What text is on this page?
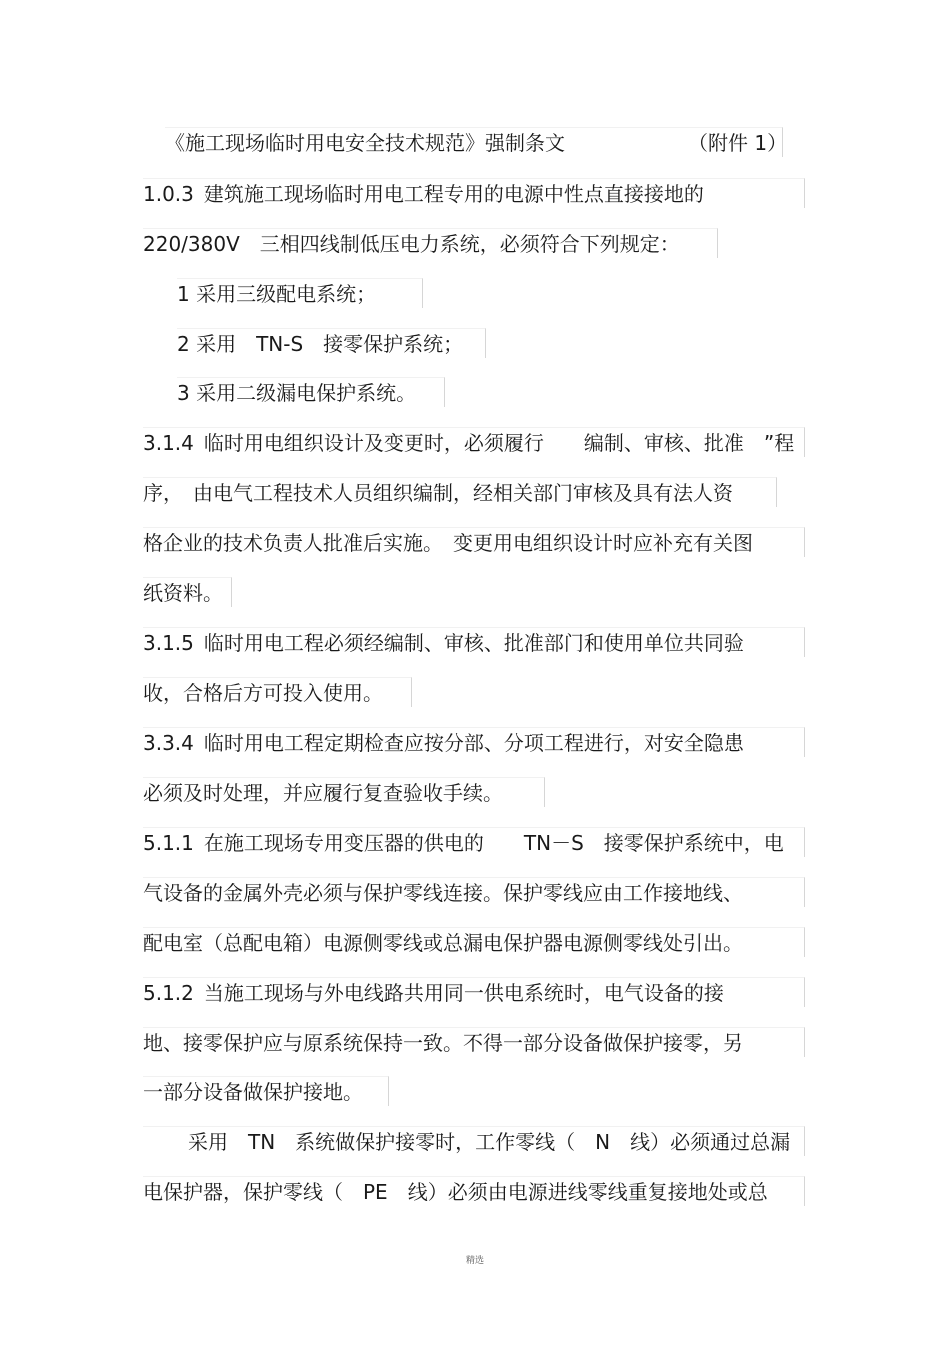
《施工现场临时用电安全技术规范》强制条文	（附件 1）
1.0.3 建筑施工现场临时用电工程专用的电源中性点直接接地的
220/380V　三相四线制低压电力系统，必须符合下列规定：
1 采用三级配电系统；
2 采用　TN-S　接零保护系统；
3 采用二级漏电保护系统。
3.1.4 临时用电组织设计及变更时，必须履行　　编制、审核、批准　”程
序，　由电气工程技术人员组织编制，经相关部门审核及具有法人资
格企业的技术负责人批准后实施。　变更用电组织设计时应补充有关图
纸资料。
3.1.5 临时用电工程必须经编制、审核、批准部门和使用单位共同验
收，合格后方可投入使用。
3.3.4 临时用电工程定期检查应按分部、分项工程进行，对安全隐患
必须及时处理，并应履行复查验收手续。
5.1.1 在施工现场专用变压器的供电的　　TN－S　接零保护系统中，电
气设备的金属外壳必须与保护零线连接。保护零线应由工作接地线、
配电室（总配电箱）电源侧零线或总漏电保护器电源侧零线处引出。
5.1.2 当施工现场与外电线路共用同一供电系统时，电气设备的接
地、接零保护应与原系统保持一致。不得一部分设备做保护接零，另
一部分设备做保护接地。
采用　TN　系统做保护接零时，工作零线（　N　线）必须通过总漏
电保护器，保护零线（　PE　线）必须由电源进线零线重复接地处或总
精选
